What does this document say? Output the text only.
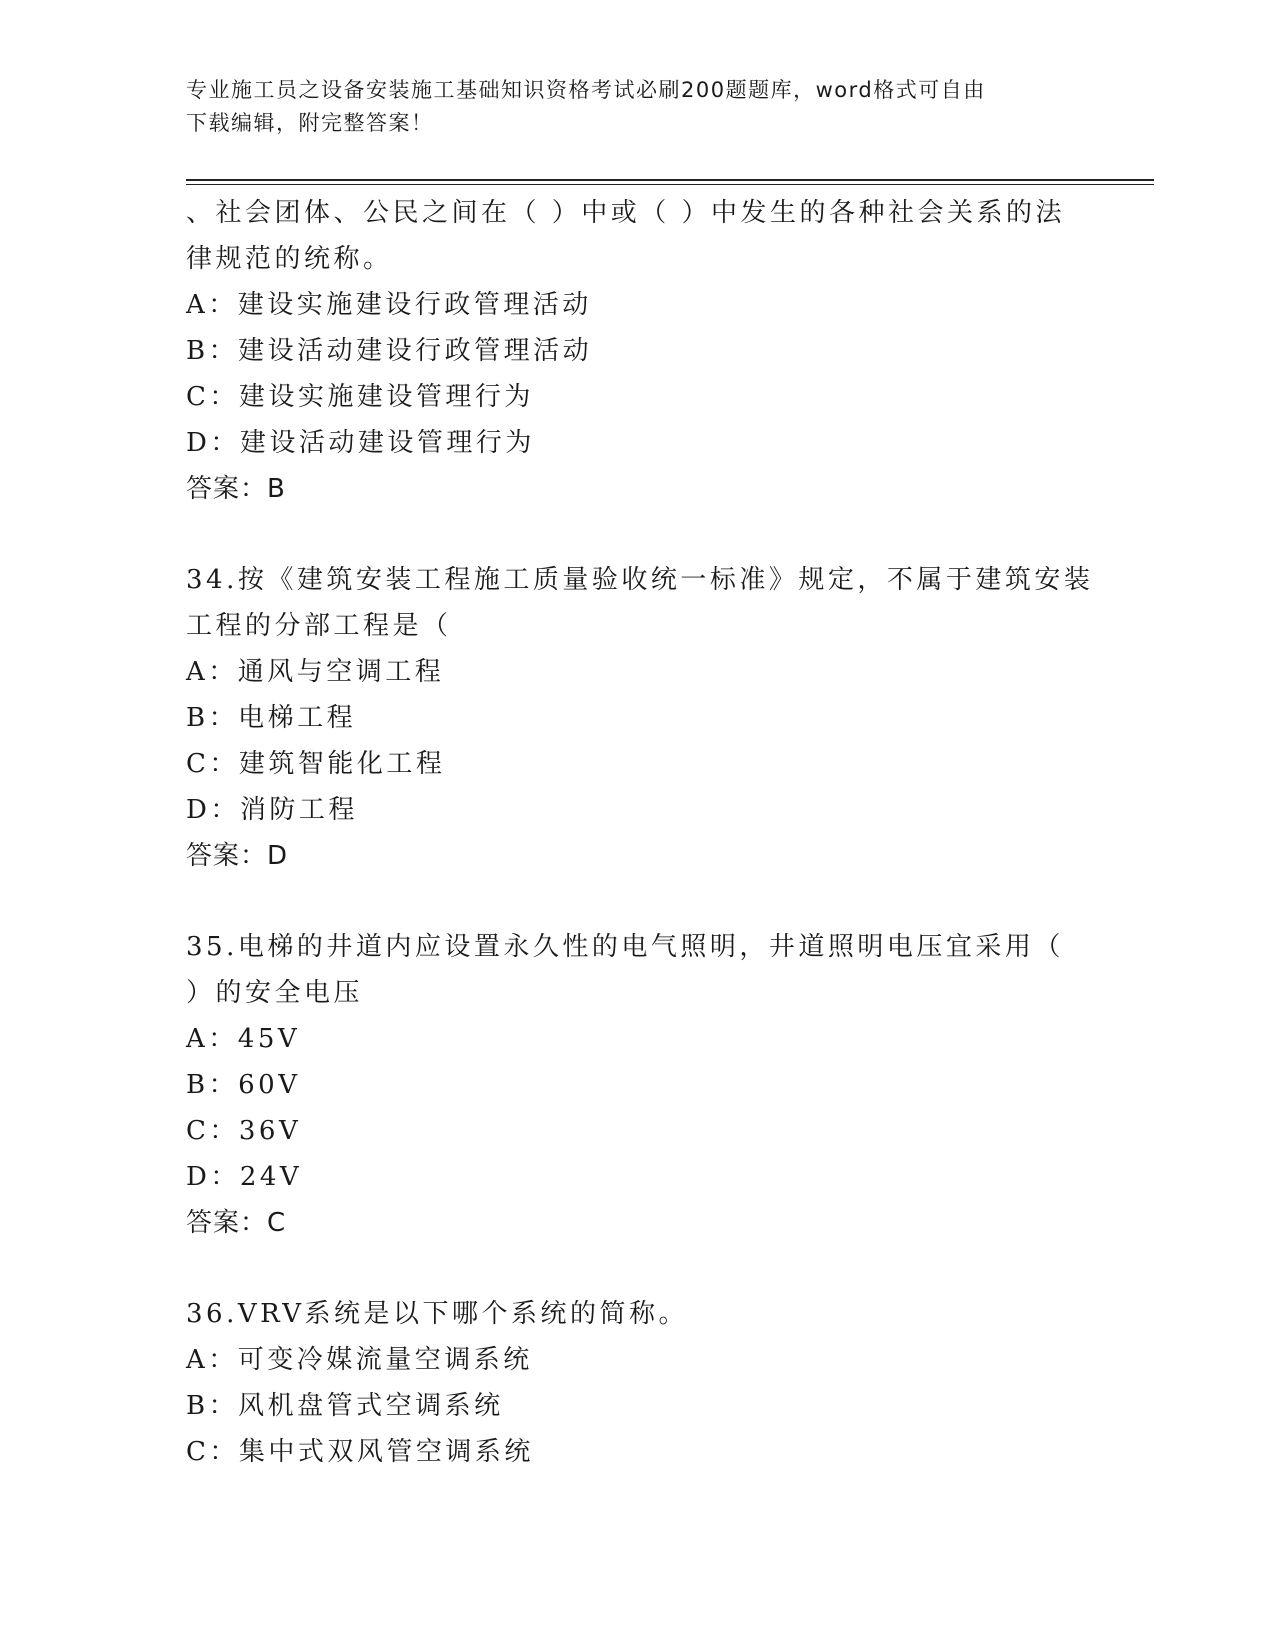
专业施工员之设备安装施工基础知识资格考试必刷200题题库，word格式可自由
下载编辑，附完整答案！
、社会团体、公民之间在（ ）中或（ ）中发生的各种社会关系的法
律规范的统称。
A：建设实施建设行政管理活动
B：建设活动建设行政管理活动
C：建设实施建设管理行为
D：建设活动建设管理行为
答案：B
34.按《建筑安装工程施工质量验收统一标准》规定，不属于建筑安装
工程的分部工程是（
A：通风与空调工程
B：电梯工程
C：建筑智能化工程
D：消防工程
答案：D
35.电梯的井道内应设置永久性的电气照明，井道照明电压宜采用（
）的安全电压
A：45V
B：60V
C：36V
D：24V
答案：C
36.VRV系统是以下哪个系统的简称。
A：可变冷媒流量空调系统
B：风机盘管式空调系统
C：集中式双风管空调系统
